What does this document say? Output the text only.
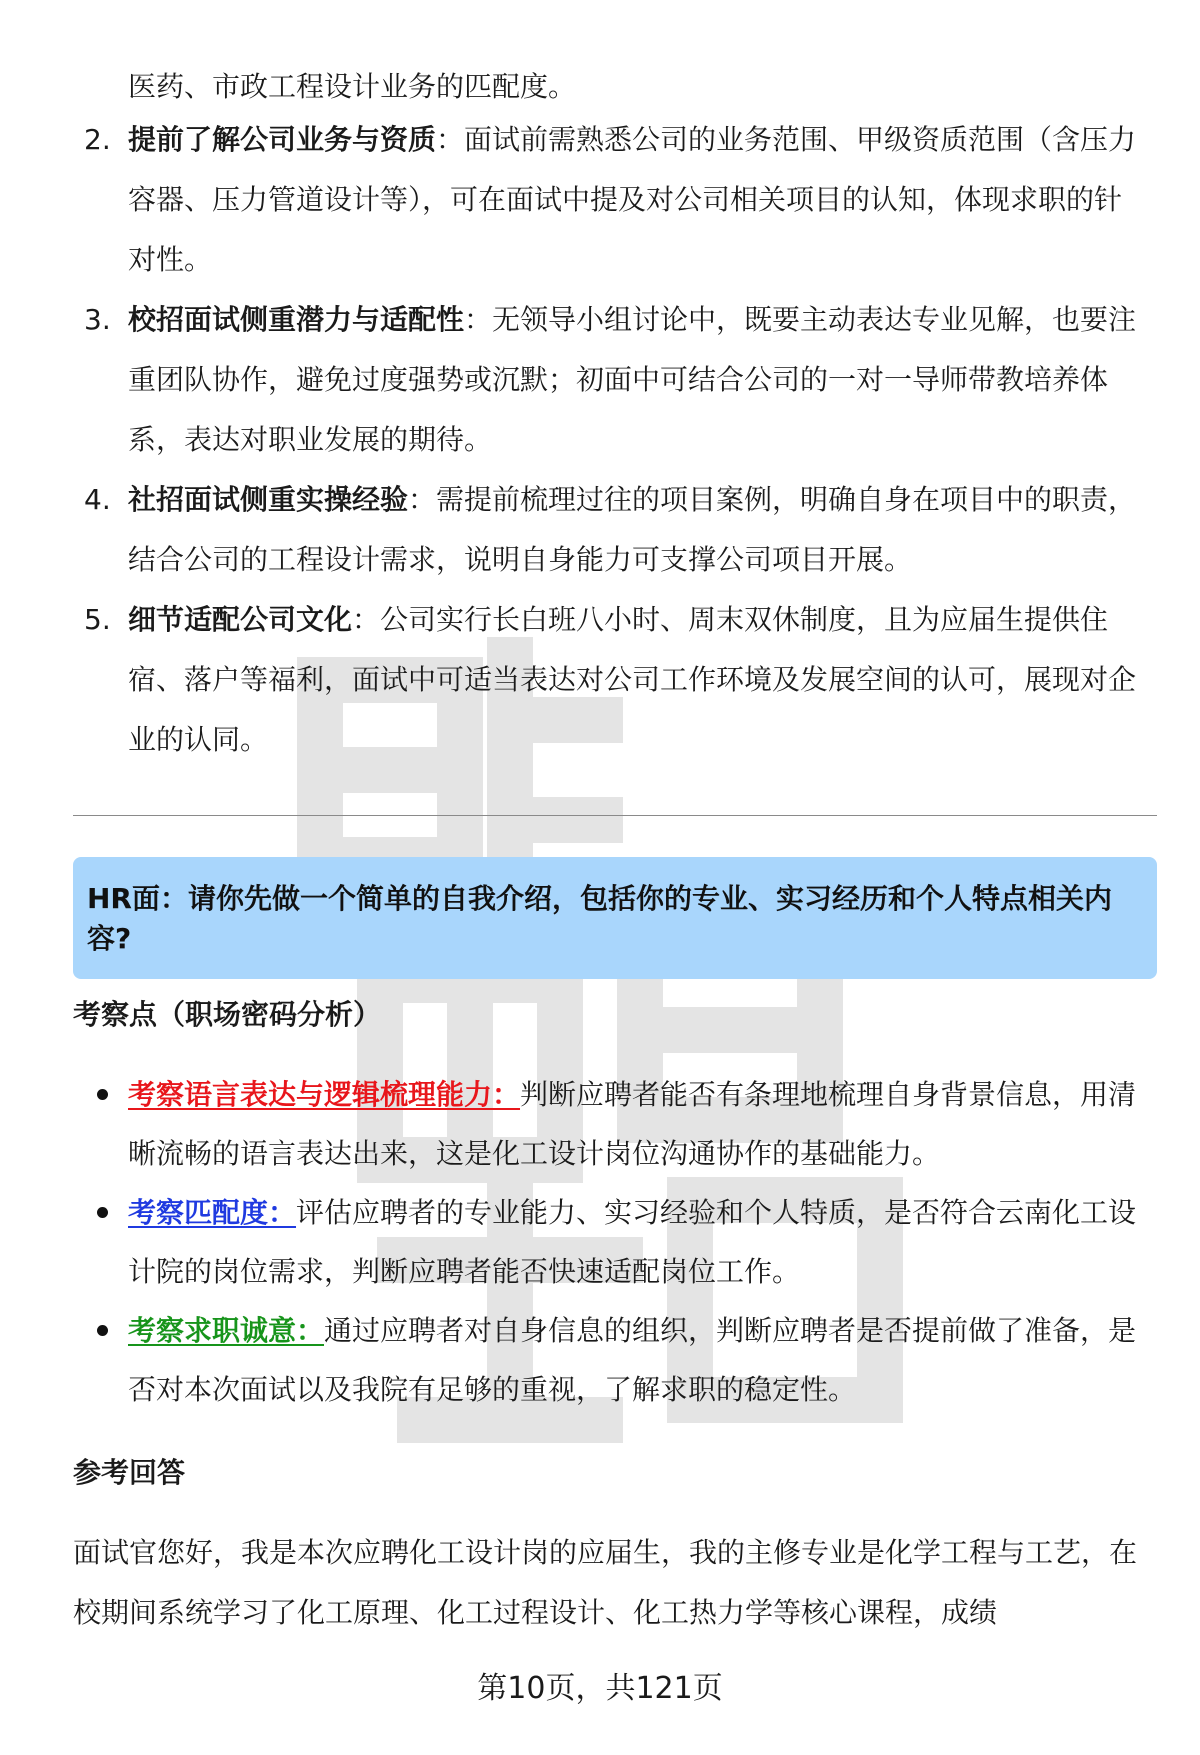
医药、市政工程设计业务的匹配度。
2. 提前了解公司业务与资质：面试前需熟悉公司的业务范围、甲级资质范围（含压力容器、压力管道设计等），可在面试中提及对公司相关项目的认知，体现求职的针对性。
3. 校招面试侧重潜力与适配性：无领导小组讨论中，既要主动表达专业见解，也要注重团队协作，避免过度强势或沉默；初面中可结合公司的一对一导师带教培养体系，表达对职业发展的期待。
4. 社招面试侧重实操经验：需提前梳理过往的项目案例，明确自身在项目中的职责，结合公司的工程设计需求，说明自身能力可支撑公司项目开展。
5. 细节适配公司文化：公司实行长白班八小时、周末双休制度，且为应届生提供住宿、落户等福利，面试中可适当表达对公司工作环境及发展空间的认可，展现对企业的认同。
HR面：请你先做一个简单的自我介绍，包括你的专业、实习经历和个人特点相关内容?
考察点（职场密码分析）
考察语言表达与逻辑梳理能力：判断应聘者能否有条理地梳理自身背景信息，用清晰流畅的语言表达出来，这是化工设计岗位沟通协作的基础能力。
考察匹配度：评估应聘者的专业能力、实习经验和个人特质，是否符合云南化工设计院的岗位需求，判断应聘者能否快速适配岗位工作。
考察求职诚意：通过应聘者对自身信息的组织，判断应聘者是否提前做了准备，是否对本次面试以及我院有足够的重视，了解求职的稳定性。
参考回答
面试官您好，我是本次应聘化工设计岗的应届生，我的主修专业是化学工程与工艺，在校期间系统学习了化工原理、化工过程设计、化工热力学等核心课程，成绩
第10页，共121页
